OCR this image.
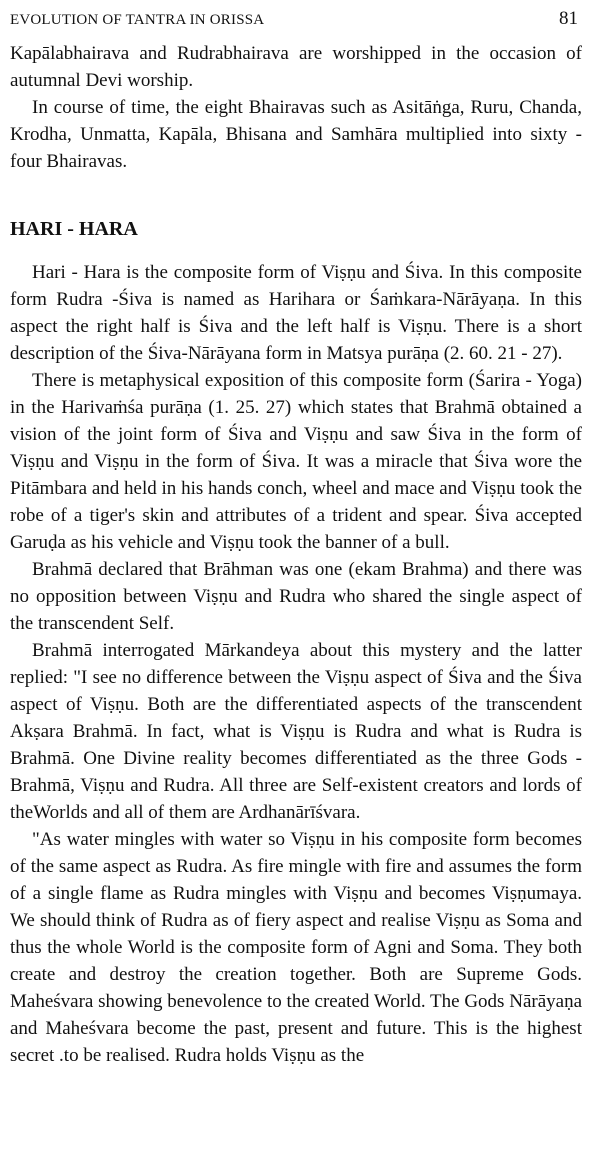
EVOLUTION OF TANTRA IN ORISSA	81

Kapālabhairava and Rudrabhairava are worshipped in the occasion of autumnal Devi worship.

In course of time, the eight Bhairavas such as Asitāṅga, Ruru, Chanda, Krodha, Unmatta, Kapāla, Bhisana and Samhāra multiplied into sixty - four Bhairavas.

HARI - HARA

Hari - Hara is the composite form of Viṣṇu and Śiva. In this composite form Rudra -Śiva is named as Harihara or Śaṁkara-Nārāyaṇa. In this aspect the right half is Śiva and the left half is Viṣṇu. There is a short description of the Śiva-Nārāyana form in Matsya purāṇa (2. 60. 21 - 27).

There is metaphysical exposition of this composite form (Śarira - Yoga) in the Harivaṁśa purāṇa (1. 25. 27) which states that Brahmā obtained a vision of the joint form of Śiva and Viṣṇu and saw Śiva in the form of Viṣṇu and Viṣṇu in the form of Śiva. It was a miracle that Śiva wore the Pitāmbara and held in his hands conch, wheel and mace and Viṣṇu took the robe of a tiger's skin and attributes of a trident and spear. Śiva accepted Garuḍa as his vehicle and Viṣṇu took the banner of a bull.

Brahmā declared that Brāhman was one (ekam Brahma) and there was no opposition between Viṣṇu and Rudra who shared the single aspect of the transcendent Self.

Brahmā interrogated Mārkandeya about this mystery and the latter replied: "I see no difference between the Viṣṇu aspect of Śiva and the Śiva aspect of Viṣṇu. Both are the differentiated aspects of the transcendent Akṣara Brahmā. In fact, what is Viṣṇu is Rudra and what is Rudra is Brahmā. One Divine reality becomes differentiated as the three Gods - Brahmā, Viṣṇu and Rudra. All three are Self-existent creators and lords of theWorlds and all of them are Ardhanārīśvara.

"As water mingles with water so Viṣṇu in his composite form becomes of the same aspect as Rudra. As fire mingle with fire and assumes the form of a single flame as Rudra mingles with Viṣṇu and becomes Viṣṇumaya. We should think of Rudra as of fiery aspect and realise Viṣṇu as Soma and thus the whole World is the composite form of Agni and Soma. They both create and destroy the creation together. Both are Supreme Gods. Maheśvara showing benevolence to the created World. The Gods Nārāyaṇa and Maheśvara become the past, present and future. This is the highest secret .to be realised. Rudra holds Viṣṇu as the
